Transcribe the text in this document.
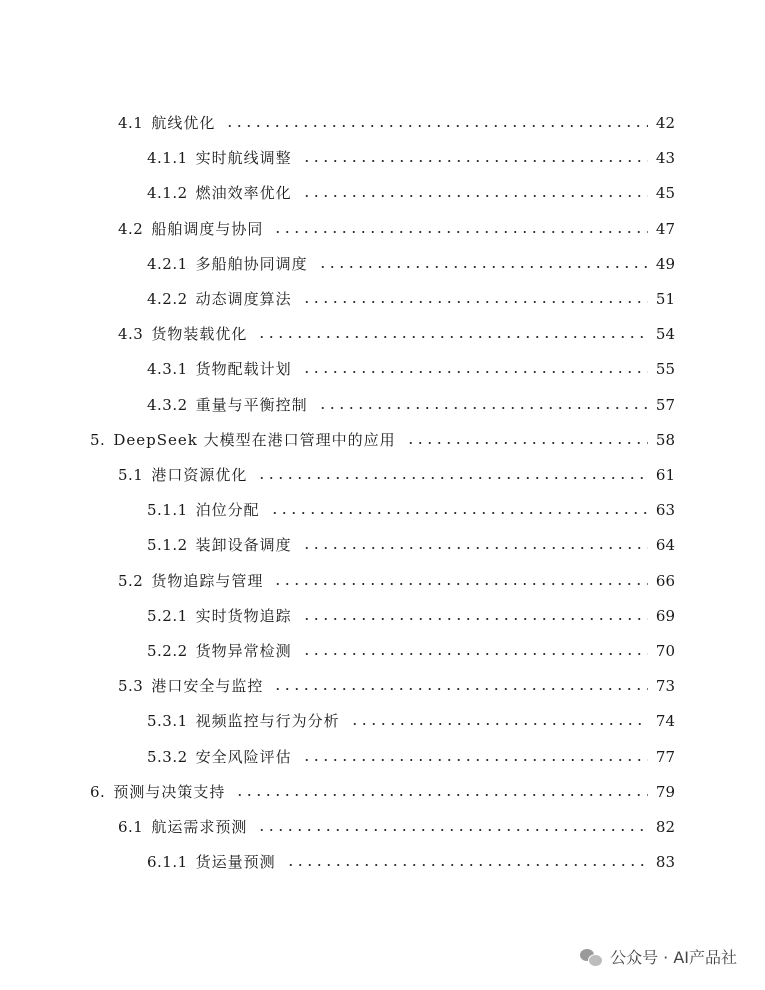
4.1 航线优化	42
4.1.1 实时航线调整	43
4.1.2 燃油效率优化	45
4.2 船舶调度与协同	47
4.2.1 多船舶协同调度	49
4.2.2 动态调度算法	51
4.3 货物装载优化	54
4.3.1 货物配载计划	55
4.3.2 重量与平衡控制	57
5. DeepSeek 大模型在港口管理中的应用	58
5.1 港口资源优化	61
5.1.1 泊位分配	63
5.1.2 装卸设备调度	64
5.2 货物追踪与管理	66
5.2.1 实时货物追踪	69
5.2.2 货物异常检测	70
5.3 港口安全与监控	73
5.3.1 视频监控与行为分析	74
5.3.2 安全风险评估	77
6. 预测与决策支持	79
6.1 航运需求预测	82
6.1.1 货运量预测	83
公众号 · AI产品社
